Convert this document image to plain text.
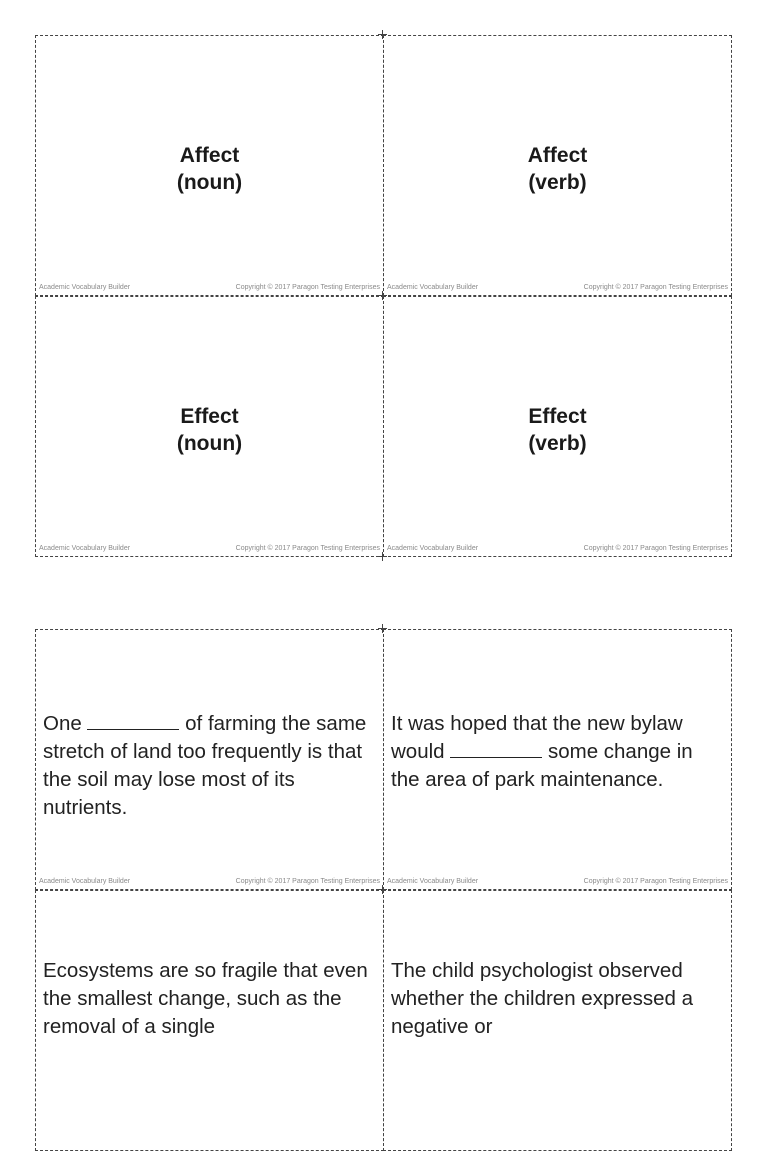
Affect
(noun)
Academic Vocabulary Builder	Copyright © 2017 Paragon Testing Enterprises
Affect
(verb)
Academic Vocabulary Builder	Copyright © 2017 Paragon Testing Enterprises
Effect
(noun)
Academic Vocabulary Builder	Copyright © 2017 Paragon Testing Enterprises
Effect
(verb)
Academic Vocabulary Builder	Copyright © 2017 Paragon Testing Enterprises
One	of farming the same stretch of land too frequently is that the soil may lose most of its nutrients.
Academic Vocabulary Builder	Copyright © 2017 Paragon Testing Enterprises
It was hoped that the new bylaw would	some change in the area of park maintenance.
Academic Vocabulary Builder	Copyright © 2017 Paragon Testing Enterprises
Ecosystems are so fragile that even the smallest change, such as the removal of a single
The child psychologist observed whether the children expressed a negative or
